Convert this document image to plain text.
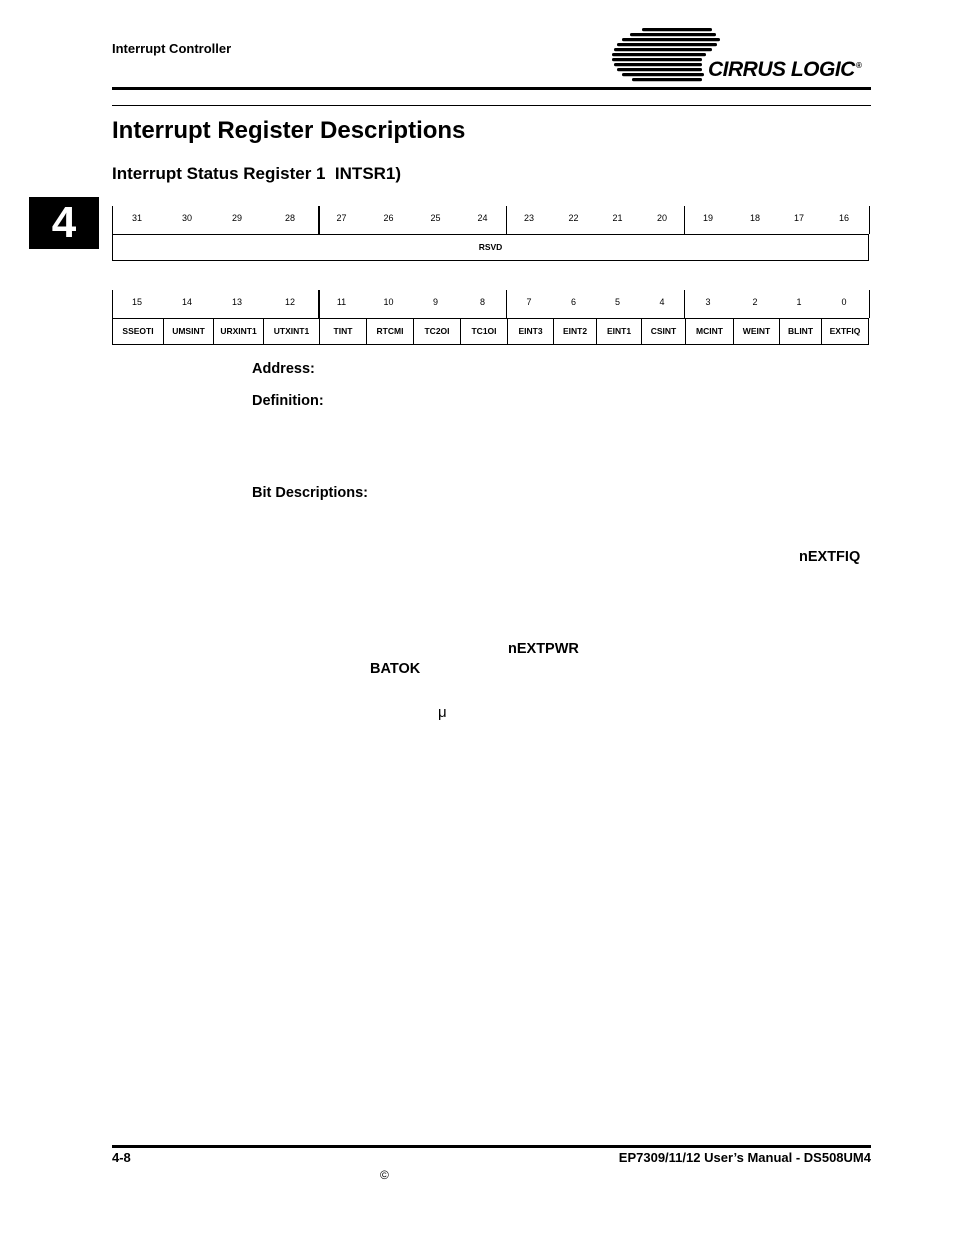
Interrupt Controller
CIRRUS LOGIC®
4
Interrupt Register Descriptions
Interrupt Status Register 1  INTSR1)
31	30	29	28	27	26	25	24	23	22	21	20	19	18	17	16
RSVD
15	14	13	12	11	10	9	8	7	6	5	4	3	2	1	0
SSEOTI	UMSINT	URXINT1	UTXINT1	TINT	RTCMI	TC2OI	TC1OI	EINT3	EINT2	EINT1	CSINT	MCINT	WEINT	BLINT	EXTFIQ
Address:
Definition:
Bit Descriptions:
nEXTFIQ
nEXTPWR
BATOK
μ
4-8	EP7309/11/12 User’s Manual - DS508UM4
©
